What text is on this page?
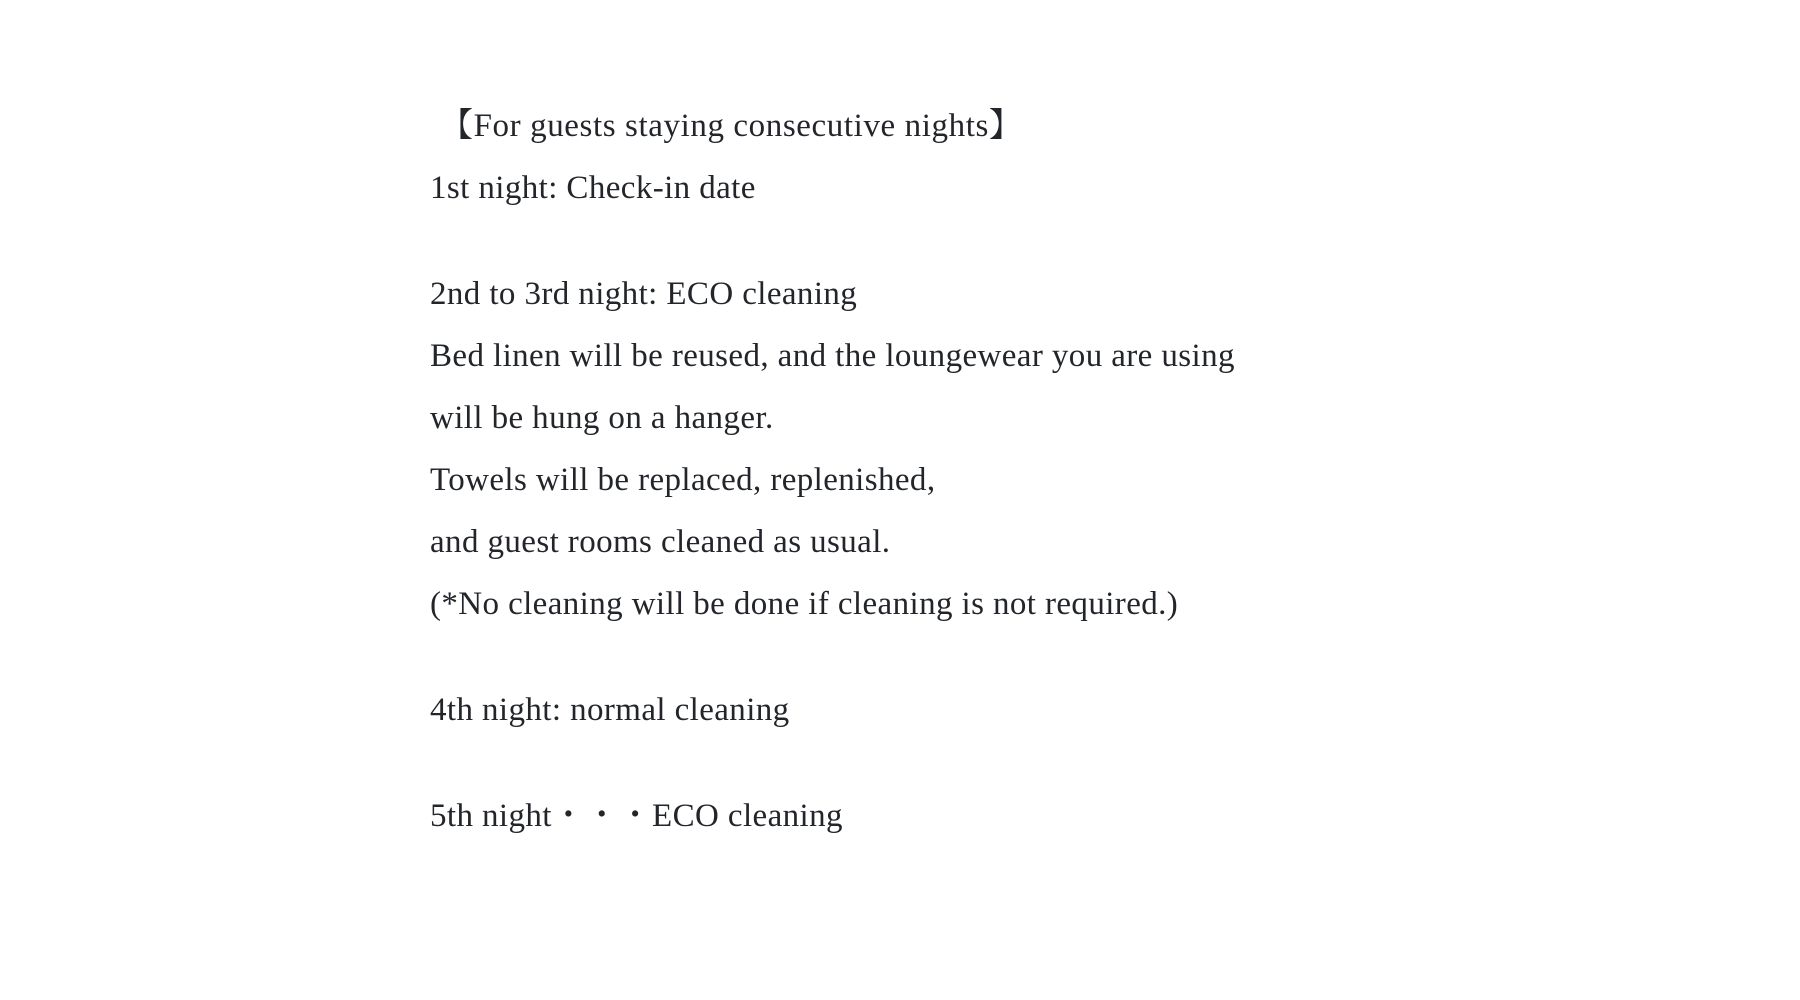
【For guests staying consecutive nights】
1st night: Check-in date
2nd to 3rd night: ECO cleaning
Bed linen will be reused, and the loungewear you are using
will be hung on a hanger.
Towels will be replaced, replenished,
and guest rooms cleaned as usual.
(*No cleaning will be done if cleaning is not required.)
4th night: normal cleaning
5th night・・・ECO cleaning
